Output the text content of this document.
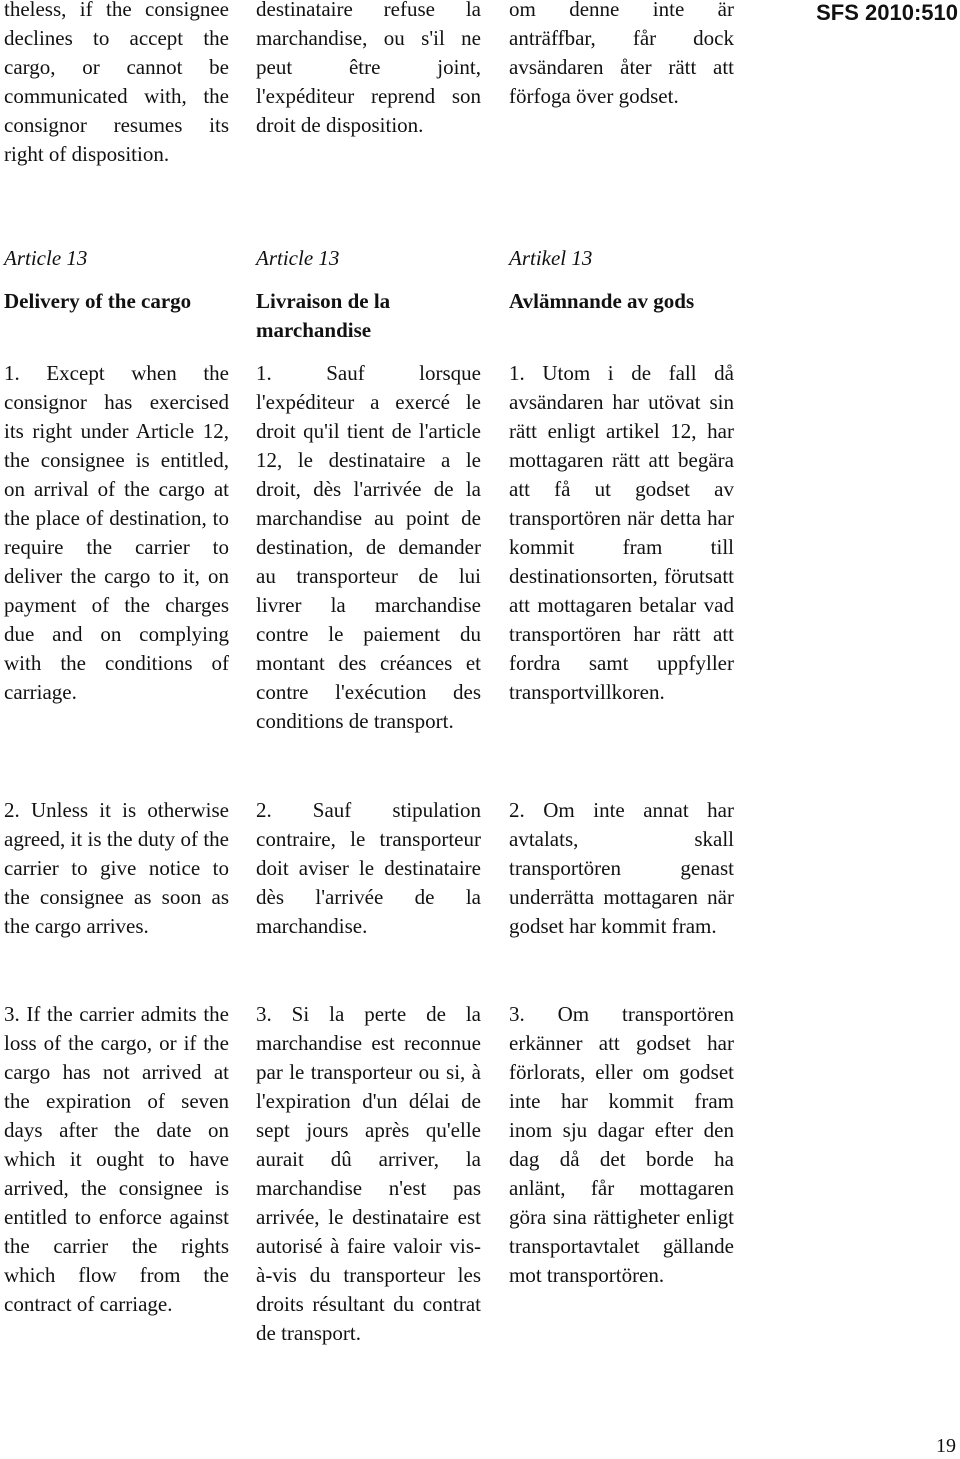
SFS 2010:510

theless, if the consignee declines to accept the cargo, or cannot be communicated with, the consignor resumes its right of disposition.

Article 13
Delivery of the cargo

1. Except when the consignor has exercised its right under Article 12, the consignee is entitled, on arrival of the cargo at the place of destination, to require the carrier to deliver the cargo to it, on payment of the charges due and on complying with the conditions of carriage.

2. Unless it is otherwise agreed, it is the duty of the carrier to give notice to the consignee as soon as the cargo arrives.

3. If the carrier admits the loss of the cargo, or if the cargo has not arrived at the expiration of seven days after the date on which it ought to have arrived, the consignee is entitled to enforce against the carrier the rights which flow from the contract of carriage.

destinataire refuse la marchandise, ou s'il ne peut être joint, l'expéditeur reprend son droit de disposition.

Article 13
Livraison de la marchandise

1. Sauf lorsque l'expéditeur a exercé le droit qu'il tient de l'article 12, le destinataire a le droit, dès l'arrivée de la marchandise au point de destination, de demander au transporteur de lui livrer la marchandise contre le paiement du montant des créances et contre l'exécution des conditions de transport.

2. Sauf stipulation contraire, le transporteur doit aviser le destinataire dès l'arrivée de la marchandise.

3. Si la perte de la marchandise est reconnue par le transporteur ou si, à l'expiration d'un délai de sept jours après qu'elle aurait dû arriver, la marchandise n'est pas arrivée, le destinataire est autorisé à faire valoir vis-à-vis du transporteur les droits résultant du contrat de transport.

om denne inte är anträffbar, får dock avsändaren åter rätt att förfoga över godset.

Artikel 13
Avlämnande av gods

1. Utom i de fall då avsändaren har utövat sin rätt enligt artikel 12, har mottagaren rätt att begära att få ut godset av transportören när detta har kommit fram till destinationsorten, förutsatt att mottagaren betalar vad transportören har rätt att fordra samt uppfyller transportvillkoren.

2. Om inte annat har avtalats, skall transportören genast underrätta mottagaren när godset har kommit fram.

3. Om transportören erkänner att godset har förlorats, eller om godset inte har kommit fram inom sju dagar efter den dag då det borde ha anlänt, får mottagaren göra sina rättigheter enligt transportavtalet gällande mot transportören.

19
